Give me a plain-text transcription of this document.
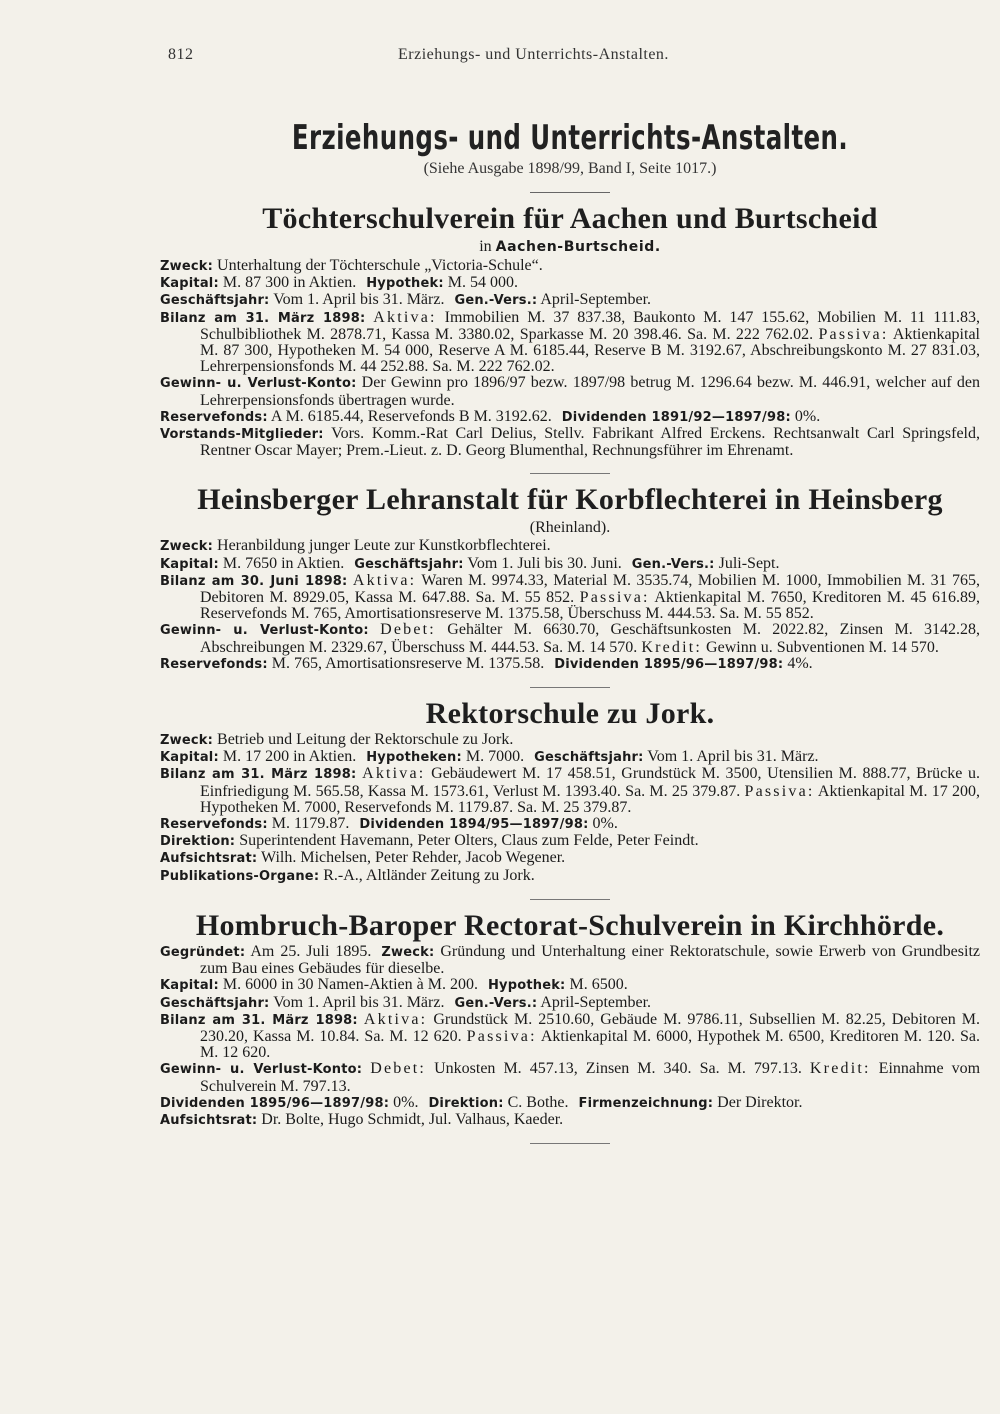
812	Erziehungs- und Unterrichts-Anstalten.
Erziehungs- und Unterrichts-Anstalten.

(Siehe Ausgabe 1898/99, Band I, Seite 1017.)

Töchterschulverein für Aachen und Burtscheid

in Aachen-Burtscheid.

Zweck: Unterhaltung der Töchterschule „Victoria-Schule“.

Kapital: M. 87 300 in Aktien. Hypothek: M. 54 000.

Geschäftsjahr: Vom 1. April bis 31. März. Gen.-Vers.: April-September.

Bilanz am 31. März 1898: Aktiva: Immobilien M. 37 837.38, Baukonto M. 147 155.62, Mobilien M. 11 111.83, Schulbibliothek M. 2878.71, Kassa M. 3380.02, Sparkasse M. 20 398.46. Sa. M. 222 762.02. Passiva: Aktienkapital M. 87 300, Hypotheken M. 54 000, Reserve A M. 6185.44, Reserve B M. 3192.67, Abschreibungskonto M. 27 831.03, Lehrerpensionsfonds M. 44 252.88. Sa. M. 222 762.02.

Gewinn- u. Verlust-Konto: Der Gewinn pro 1896/97 bezw. 1897/98 betrug M. 1296.64 bezw. M. 446.91, welcher auf den Lehrerpensionsfonds übertragen wurde.

Reservefonds: A M. 6185.44, Reservefonds B M. 3192.62. Dividenden 1891/92—1897/98: 0%.

Vorstands-Mitglieder: Vors. Komm.-Rat Carl Delius, Stellv. Fabrikant Alfred Erckens. Rechtsanwalt Carl Springsfeld, Rentner Oscar Mayer; Prem.-Lieut. z. D. Georg Blumenthal, Rechnungsführer im Ehrenamt.

Heinsberger Lehranstalt für Korbflechterei in Heinsberg

(Rheinland).

Zweck: Heranbildung junger Leute zur Kunstkorbflechterei.

Kapital: M. 7650 in Aktien. Geschäftsjahr: Vom 1. Juli bis 30. Juni. Gen.-Vers.: Juli-Sept.

Bilanz am 30. Juni 1898: Aktiva: Waren M. 9974.33, Material M. 3535.74, Mobilien M. 1000, Immobilien M. 31 765, Debitoren M. 8929.05, Kassa M. 647.88. Sa. M. 55 852. Passiva: Aktienkapital M. 7650, Kreditoren M. 45 616.89, Reservefonds M. 765, Amortisationsreserve M. 1375.58, Überschuss M. 444.53. Sa. M. 55 852.

Gewinn- u. Verlust-Konto: Debet: Gehälter M. 6630.70, Geschäftsunkosten M. 2022.82, Zinsen M. 3142.28, Abschreibungen M. 2329.67, Überschuss M. 444.53. Sa. M. 14 570. Kredit: Gewinn u. Subventionen M. 14 570.

Reservefonds: M. 765, Amortisationsreserve M. 1375.58. Dividenden 1895/96—1897/98: 4%.

Rektorschule zu Jork.

Zweck: Betrieb und Leitung der Rektorschule zu Jork.

Kapital: M. 17 200 in Aktien. Hypotheken: M. 7000. Geschäftsjahr: Vom 1. April bis 31. März.

Bilanz am 31. März 1898: Aktiva: Gebäudewert M. 17 458.51, Grundstück M. 3500, Utensilien M. 888.77, Brücke u. Einfriedigung M. 565.58, Kassa M. 1573.61, Verlust M. 1393.40. Sa. M. 25 379.87. Passiva: Aktienkapital M. 17 200, Hypotheken M. 7000, Reservefonds M. 1179.87. Sa. M. 25 379.87.

Reservefonds: M. 1179.87. Dividenden 1894/95—1897/98: 0%.

Direktion: Superintendent Havemann, Peter Olters, Claus zum Felde, Peter Feindt.

Aufsichtsrat: Wilh. Michelsen, Peter Rehder, Jacob Wegener.

Publikations-Organe: R.-A., Altländer Zeitung zu Jork.

Hombruch-Baroper Rectorat-Schulverein in Kirchhörde.

Gegründet: Am 25. Juli 1895. Zweck: Gründung und Unterhaltung einer Rektoratschule, sowie Erwerb von Grundbesitz zum Bau eines Gebäudes für dieselbe.

Kapital: M. 6000 in 30 Namen-Aktien à M. 200. Hypothek: M. 6500.

Geschäftsjahr: Vom 1. April bis 31. März. Gen.-Vers.: April-September.

Bilanz am 31. März 1898: Aktiva: Grundstück M. 2510.60, Gebäude M. 9786.11, Subsellien M. 82.25, Debitoren M. 230.20, Kassa M. 10.84. Sa. M. 12 620. Passiva: Aktienkapital M. 6000, Hypothek M. 6500, Kreditoren M. 120. Sa. M. 12 620.

Gewinn- u. Verlust-Konto: Debet: Unkosten M. 457.13, Zinsen M. 340. Sa. M. 797.13. Kredit: Einnahme vom Schulverein M. 797.13.

Dividenden 1895/96—1897/98: 0%. Direktion: C. Bothe. Firmenzeichnung: Der Direktor.

Aufsichtsrat: Dr. Bolte, Hugo Schmidt, Jul. Valhaus, Kaeder.
